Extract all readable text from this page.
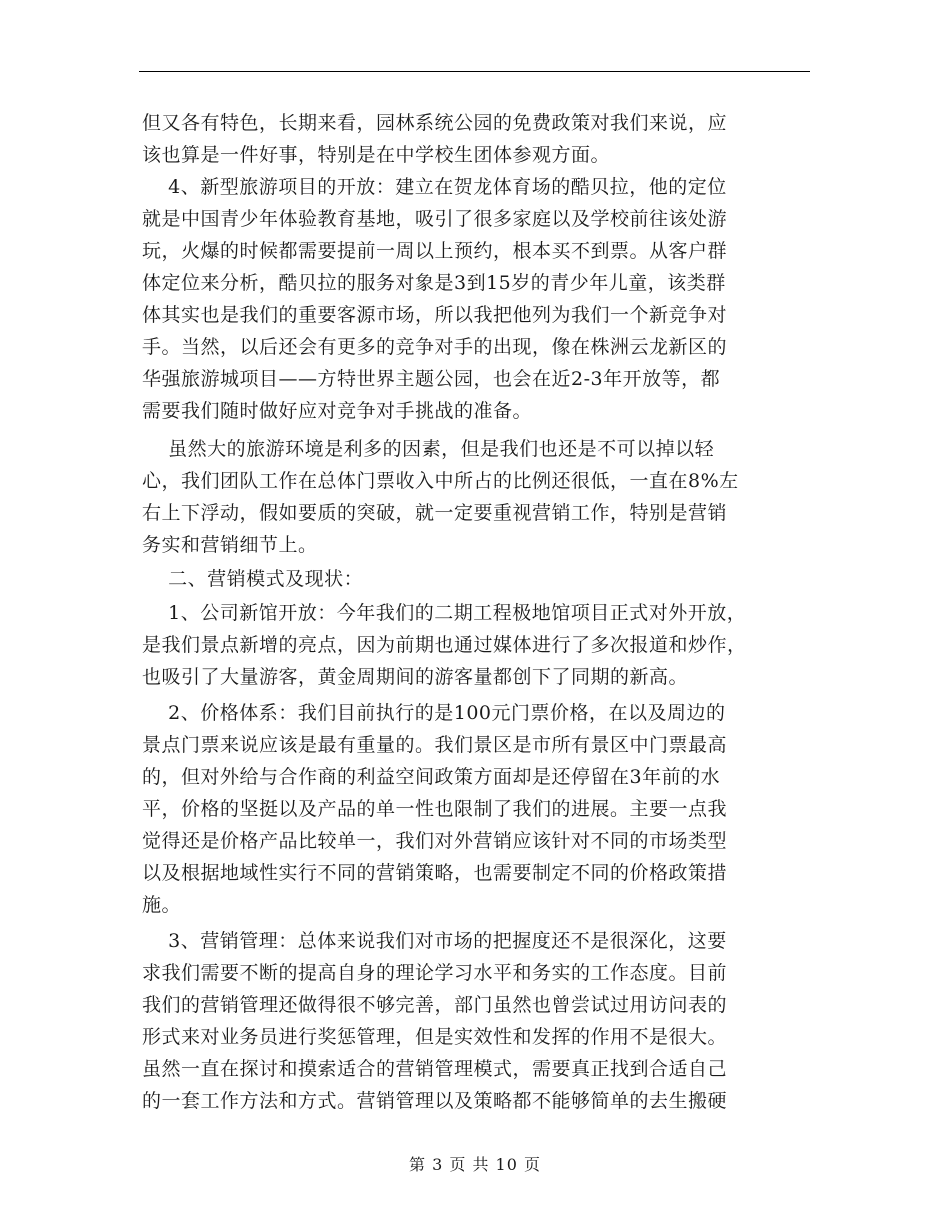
但又各有特色，长期来看，园林系统公园的免费政策对我们来说，应
该也算是一件好事，特别是在中学校生团体参观方面。
4、新型旅游项目的开放：建立在贺龙体育场的酷贝拉，他的定位
就是中国青少年体验教育基地，吸引了很多家庭以及学校前往该处游
玩，火爆的时候都需要提前一周以上预约，根本买不到票。从客户群
体定位来分析，酷贝拉的服务对象是3到15岁的青少年儿童，该类群
体其实也是我们的重要客源市场，所以我把他列为我们一个新竞争对
手。当然，以后还会有更多的竞争对手的出现，像在株洲云龙新区的
华强旅游城项目——方特世界主题公园，也会在近2-3年开放等，都
需要我们随时做好应对竞争对手挑战的准备。
虽然大的旅游环境是利多的因素，但是我们也还是不可以掉以轻
心，我们团队工作在总体门票收入中所占的比例还很低，一直在8%左
右上下浮动，假如要质的突破，就一定要重视营销工作，特别是营销
务实和营销细节上。
二、营销模式及现状：
1、公司新馆开放：今年我们的二期工程极地馆项目正式对外开放，
是我们景点新增的亮点，因为前期也通过媒体进行了多次报道和炒作，
也吸引了大量游客，黄金周期间的游客量都创下了同期的新高。
2、价格体系：我们目前执行的是100元门票价格，在以及周边的
景点门票来说应该是最有重量的。我们景区是市所有景区中门票最高
的，但对外给与合作商的利益空间政策方面却是还停留在3年前的水
平，价格的坚挺以及产品的单一性也限制了我们的进展。主要一点我
觉得还是价格产品比较单一，我们对外营销应该针对不同的市场类型
以及根据地域性实行不同的营销策略，也需要制定不同的价格政策措
施。
3、营销管理：总体来说我们对市场的把握度还不是很深化，这要
求我们需要不断的提高自身的理论学习水平和务实的工作态度。目前
我们的营销管理还做得很不够完善，部门虽然也曾尝试过用访问表的
形式来对业务员进行奖惩管理，但是实效性和发挥的作用不是很大。
虽然一直在探讨和摸索适合的营销管理模式，需要真正找到合适自己
的一套工作方法和方式。营销管理以及策略都不能够简单的去生搬硬
第 3 页 共 10 页
